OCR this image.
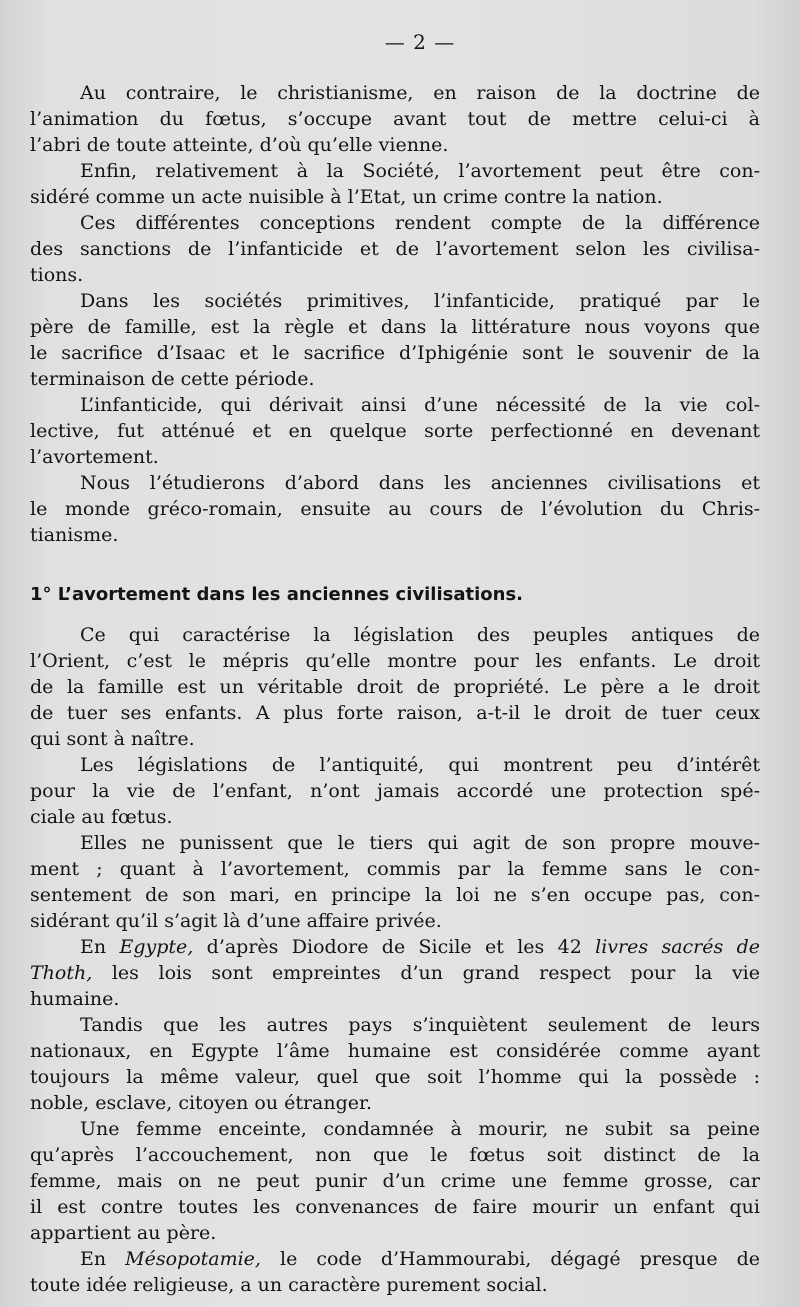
— 2 —
Au contraire, le christianisme, en raison de la doctrine de
l’animation du fœtus, s’occupe avant tout de mettre celui-ci à
l’abri de toute atteinte, d’où qu’elle vienne.
Enfin, relativement à la Société, l’avortement peut être con-
sidéré comme un acte nuisible à l’Etat, un crime contre la nation.
Ces différentes conceptions rendent compte de la différence
des sanctions de l’infanticide et de l’avortement selon les civilisa-
tions.
Dans les sociétés primitives, l’infanticide, pratiqué par le
père de famille, est la règle et dans la littérature nous voyons que
le sacrifice d’Isaac et le sacrifice d’Iphigénie sont le souvenir de la
terminaison de cette période.
L’infanticide, qui dérivait ainsi d’une nécessité de la vie col-
lective, fut atténué et en quelque sorte perfectionné en devenant
l’avortement.
Nous l’étudierons d’abord dans les anciennes civilisations et
le monde gréco-romain, ensuite au cours de l’évolution du Chris-
tianisme.
1° L’avortement dans les anciennes civilisations.
Ce qui caractérise la législation des peuples antiques de
l’Orient, c’est le mépris qu’elle montre pour les enfants. Le droit
de la famille est un véritable droit de propriété. Le père a le droit
de tuer ses enfants. A plus forte raison, a-t-il le droit de tuer ceux
qui sont à naître.
Les législations de l’antiquité, qui montrent peu d’intérêt
pour la vie de l’enfant, n’ont jamais accordé une protection spé-
ciale au fœtus.
Elles ne punissent que le tiers qui agit de son propre mouve-
ment ; quant à l’avortement, commis par la femme sans le con-
sentement de son mari, en principe la loi ne s’en occupe pas, con-
sidérant qu’il s’agit là d’une affaire privée.
En Egypte, d’après Diodore de Sicile et les 42 livres sacrés de
Thoth, les lois sont empreintes d’un grand respect pour la vie
humaine.
Tandis que les autres pays s’inquiètent seulement de leurs
nationaux, en Egypte l’âme humaine est considérée comme ayant
toujours la même valeur, quel que soit l’homme qui la possède :
noble, esclave, citoyen ou étranger.
Une femme enceinte, condamnée à mourir, ne subit sa peine
qu’après l’accouchement, non que le fœtus soit distinct de la
femme, mais on ne peut punir d’un crime une femme grosse, car
il est contre toutes les convenances de faire mourir un enfant qui
appartient au père.
En Mésopotamie, le code d’Hammourabi, dégagé presque de
toute idée religieuse, a un caractère purement social.
